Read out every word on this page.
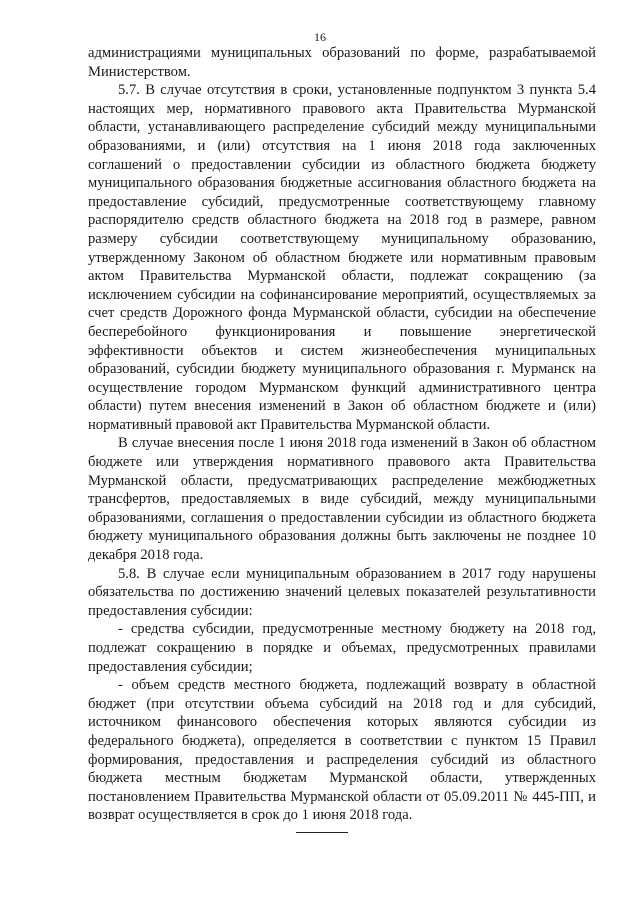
16

администрациями муниципальных образований по форме, разрабатываемой Министерством.

5.7. В случае отсутствия в сроки, установленные подпунктом 3 пункта 5.4 настоящих мер, нормативного правового акта Правительства Мурманской области, устанавливающего распределение субсидий между муниципальными образованиями, и (или) отсутствия на 1 июня 2018 года заключенных соглашений о предоставлении субсидии из областного бюджета бюджету муниципального образования бюджетные ассигнования областного бюджета на предоставление субсидий, предусмотренные соответствующему главному распорядителю средств областного бюджета на 2018 год в размере, равном размеру субсидии соответствующему муниципальному образованию, утвержденному Законом об областном бюджете или нормативным правовым актом Правительства Мурманской области, подлежат сокращению (за исключением субсидии на софинансирование мероприятий, осуществляемых за счет средств Дорожного фонда Мурманской области, субсидии на обеспечение бесперебойного функционирования и повышение энергетической эффективности объектов и систем жизнеобеспечения муниципальных образований, субсидии бюджету муниципального образования г. Мурманск на осуществление городом Мурманском функций административного центра области) путем внесения изменений в Закон об областном бюджете и (или) нормативный правовой акт Правительства Мурманской области.

В случае внесения после 1 июня 2018 года изменений в Закон об областном бюджете или утверждения нормативного правового акта Правительства Мурманской области, предусматривающих распределение межбюджетных трансфертов, предоставляемых в виде субсидий, между муниципальными образованиями, соглашения о предоставлении субсидии из областного бюджета бюджету муниципального образования должны быть заключены не позднее 10 декабря 2018 года.

5.8. В случае если муниципальным образованием в 2017 году нарушены обязательства по достижению значений целевых показателей результативности предоставления субсидии:

- средства субсидии, предусмотренные местному бюджету на 2018 год, подлежат сокращению в порядке и объемах, предусмотренных правилами предоставления субсидии;

- объем средств местного бюджета, подлежащий возврату в областной бюджет (при отсутствии объема субсидий на 2018 год и для субсидий, источником финансового обеспечения которых являются субсидии из федерального бюджета), определяется в соответствии с пунктом 15 Правил формирования, предоставления и распределения субсидий из областного бюджета местным бюджетам Мурманской области, утвержденных постановлением Правительства Мурманской области от 05.09.2011 № 445-ПП, и возврат осуществляется в срок до 1 июня 2018 года.
